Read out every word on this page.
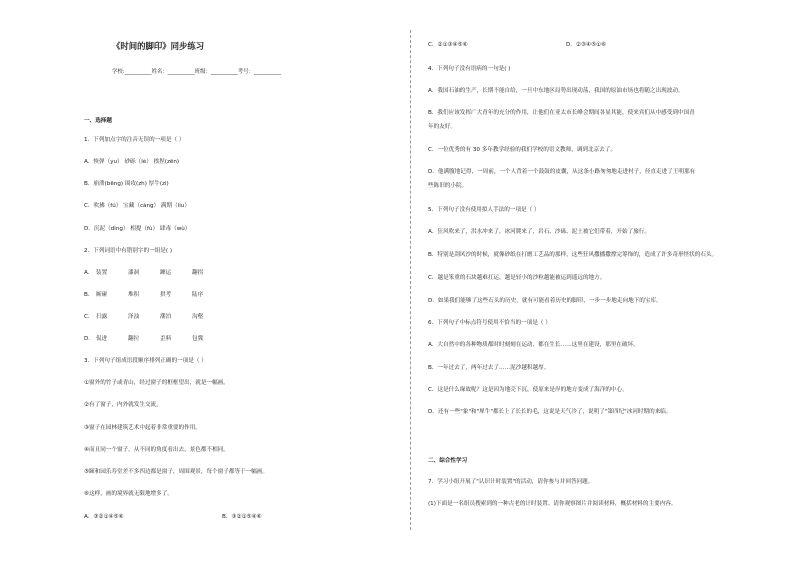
《时间的脚印》同步练习
学校:__________姓名：__________班级：__________考号：__________
一、选择题
1．下列加点字的注音无误的一项是（ ）
A．恢弹（yu） 砂砾（lè） 挨捏(zēn)
B．崩溃(bēng) 围攻(zh) 厚牛(zi)
C．吹拂（fú） 宝藏（cáng） 满期（liu）
D．沉泥（dìng） 相提（fù） 肆毒（wù）
2．下列词语中有错别字的一组是( )
A． 装置	漆洞	蹿运	翻拐
B． 厮碰	堆积	拱考	陆序
C． 扫露	泽浊	潮泊	沟壑
D． 侃进	翻拉	歪料	包冀
3．下列句子组成语段顺序排列正确的一项是（ ）
①窗外的竹子或青山，经过窗子的框框望出，就是一幅画。
②有了窗子，内外就发生交流。
③窗子在园林建筑艺术中起着非常重要的作用。
④而且同一个窗子，从不同的角度看出去，景色都不相同。
⑤颐和园乐寿堂差不多四边都是窗子，周围观景，每个窗子都等于一幅画。
⑥这样，画的境界就无限地增多了。
A．③②①④⑤⑥	B．③②①⑤④⑥
C．②①③④⑤⑥	D．②③④⑤①⑥
4．下列句子没有语病的一句是( )
A．我国石油的生产，长期不能自给，一旦中东地区局势出现动荡，我国的原油市场也将随之出现波动。
B．我们应该发挥广大青年的充分的作用，让他们在亚太市长峰会期间各显其能，使来宾们从中感受到中国青
年的友好。
C．一位优秀的有 30 多年教学经验的我们学校的语文教师，调到北京去了。
D．他满腹地记得，一周前，一个人背着一个鼓鼓的皮囊，从这条小路匆匆地走进村子，径直走进了王明那有
些陈旧的小院。
5．下列句子没有使用拟人手法的一项是（ ）
A．狂风吹来了，洪水冲来了，冰河爬来了，岩石、沙砾、泥土被它们带着，开始了旅行。
B．特别是刮风沙的时候，就像砂纸在打磨工艺品的那样，这些狂风撒播撒撑完筹饰的，造成了许多奇形怪状的石头。
C．越是笨重的石块越难扛运，越是轻小的沙粒越能被运到遥远的地方。
D．如果我们能够了这些石头的历史，就有可能看着历史的脚印，一步一步地走向地下的宝库。
6．下列句子中标点符号使用不恰当的一项是（ ）
A．大自然中的各种物质都时时刻刻在运动，都在生长……这里在建设，那里在破坏。
B．一年过去了，两年过去了……泥沙越积越厚。
C．这是什么缘故呢？这是因为地壳下沉，使原来是岸的地方变成了海洋的中心。
D．还有一些"象"和"犀牛"都长上了长长的毛，这说是天气冷了，说明了"第四纪"冰河时期的来临。
二、综合性学习
7．学习小组开展了"认识计时装置"的活动，请你参与并回答问题。
(1)下面是一名组员搜索到的一种古老的计时装置。请你观察图片并阅读材料，概括材料的主要内容。
